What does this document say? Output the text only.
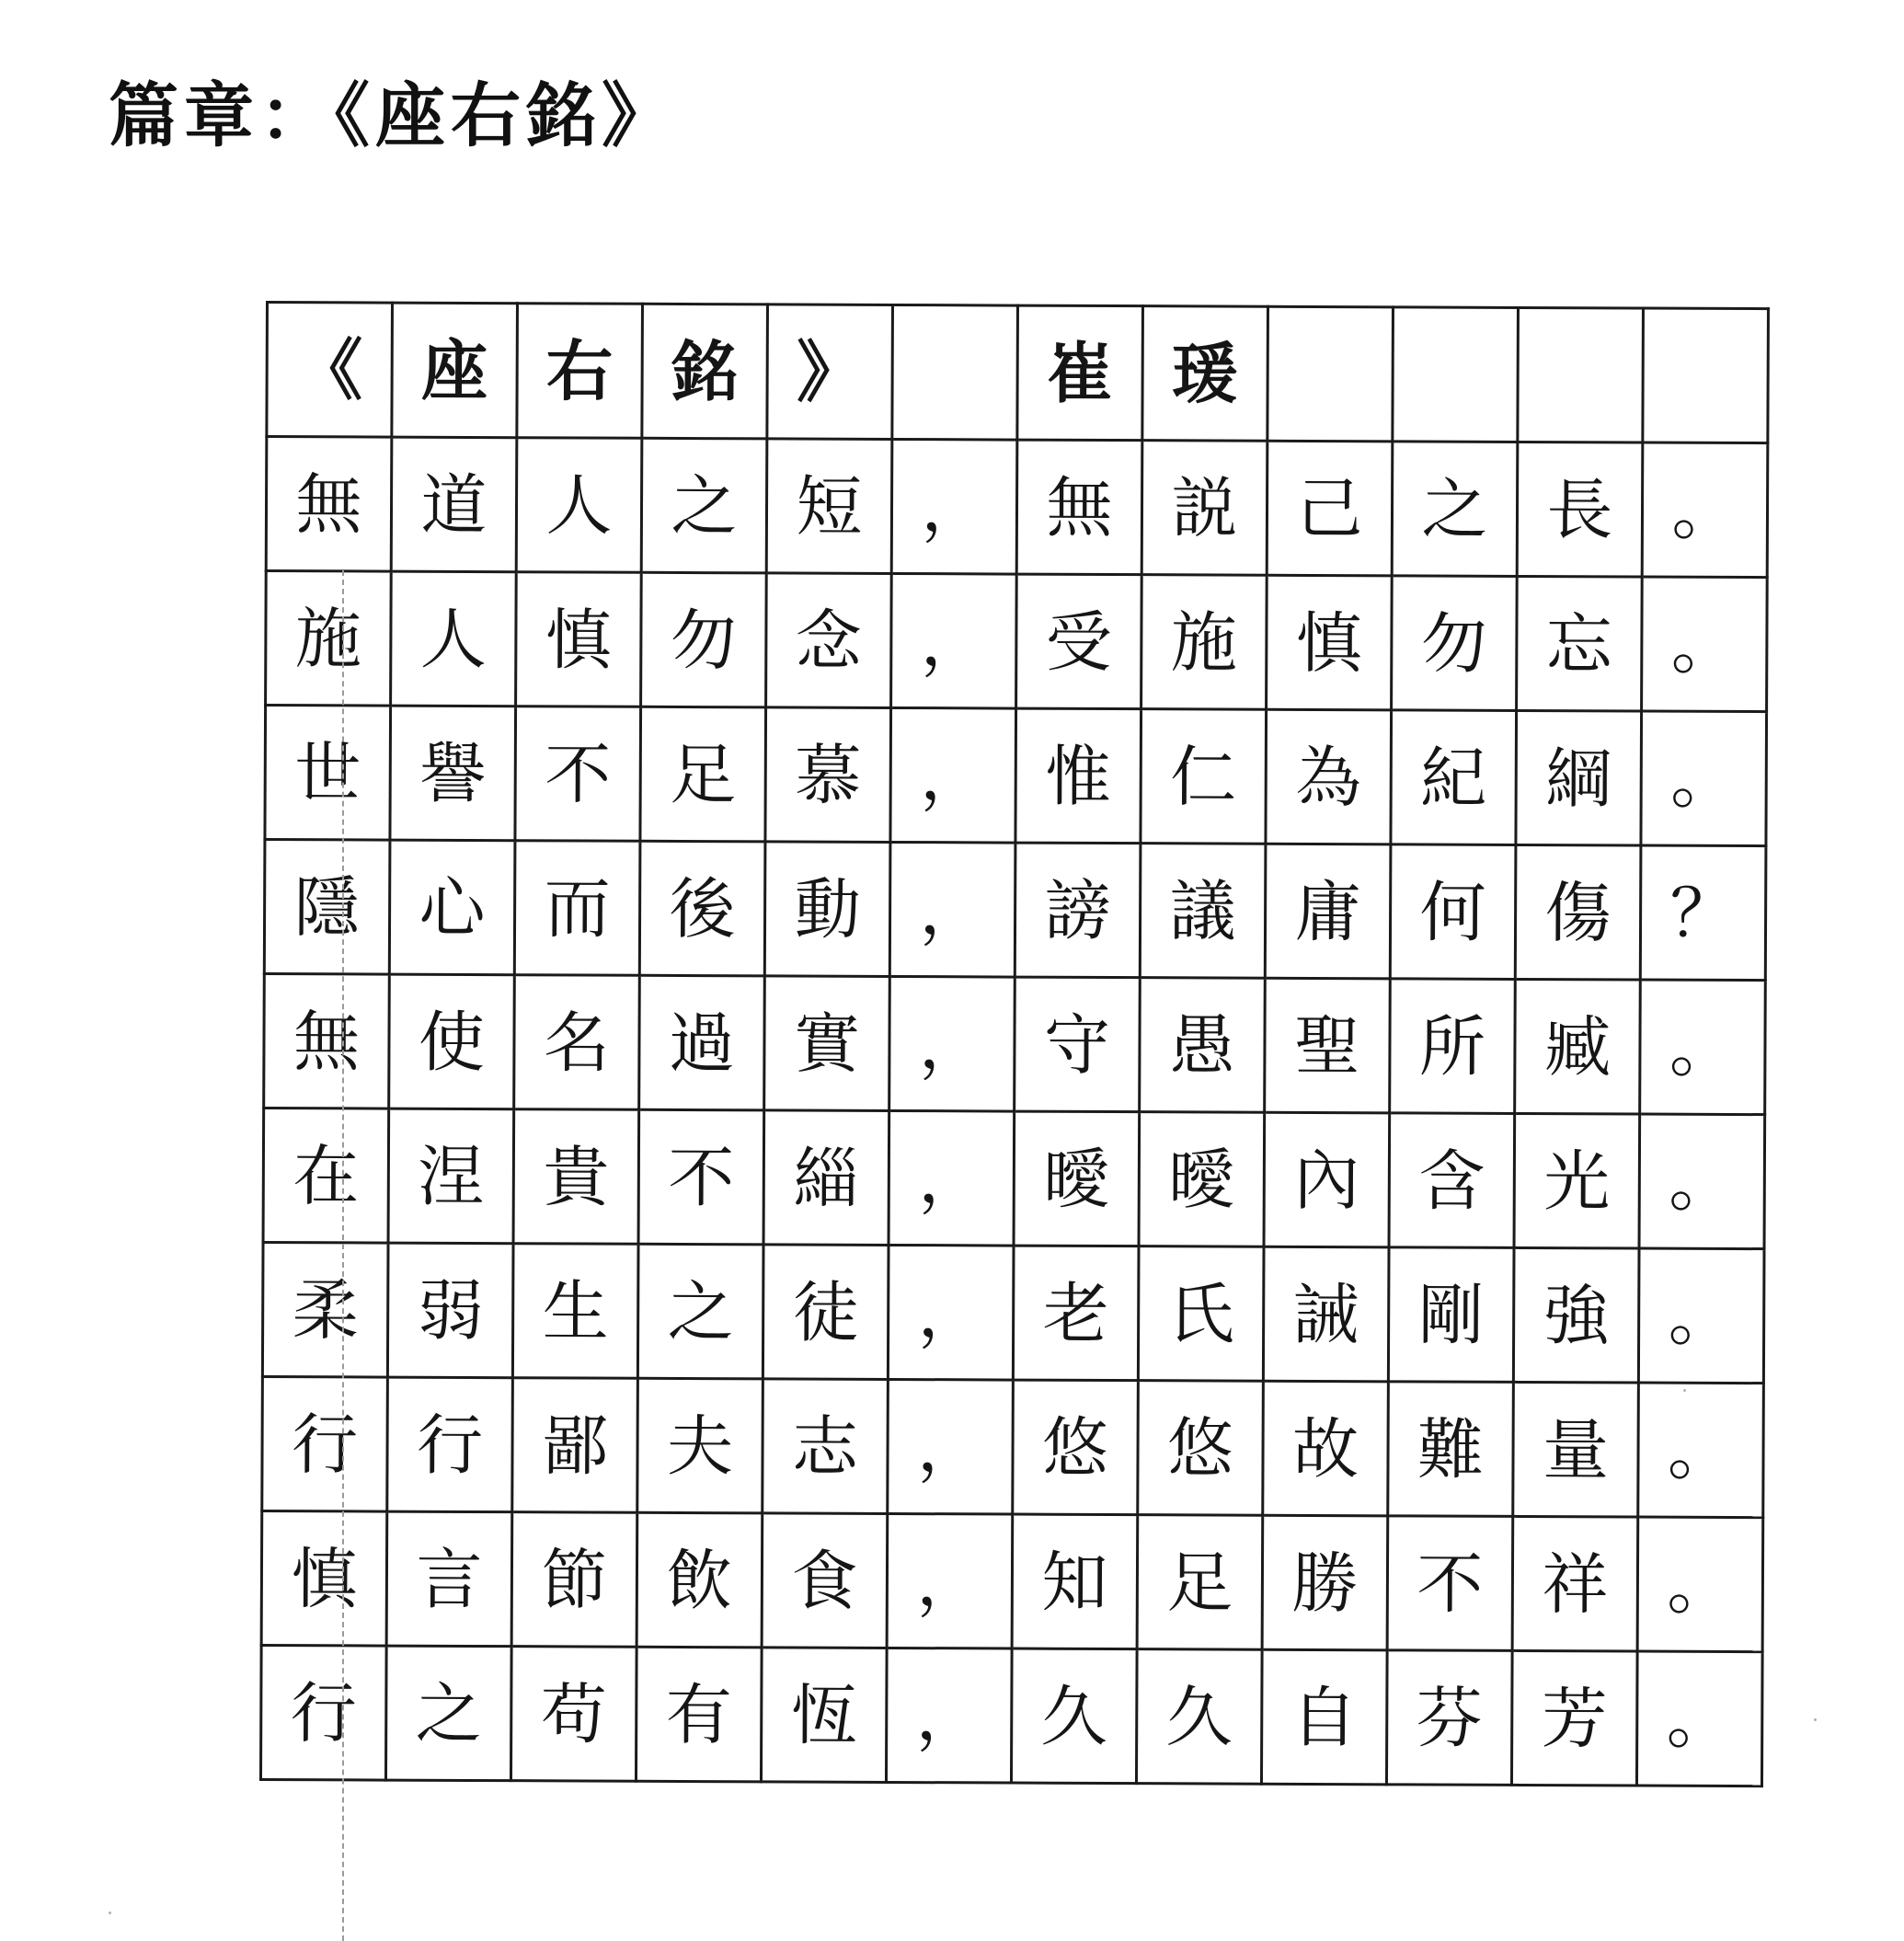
篇章：《座右銘》
《	座	右	銘	》		崔	瑗				
無	道	人	之	短	，	無	説	己	之	長	。
施	人	慎	勿	念	，	受	施	慎	勿	忘	。
世	譽	不	足	慕	，	惟	仁	為	紀	綱	。
隱	心	而	後	動	，	謗	議	庸	何	傷	？
無	使	名	過	實	，	守	愚	聖	所	臧	。
在	涅	貴	不	緇	，	曖	曖	內	含	光	。
柔	弱	生	之	徒	，	老	氏	誡	剛	強	。
行	行	鄙	夫	志	，	悠	悠	故	難	量	。
慎	言	節	飲	食	，	知	足	勝	不	祥	。
行	之	苟	有	恆	，	久	久	自	芬	芳	。
